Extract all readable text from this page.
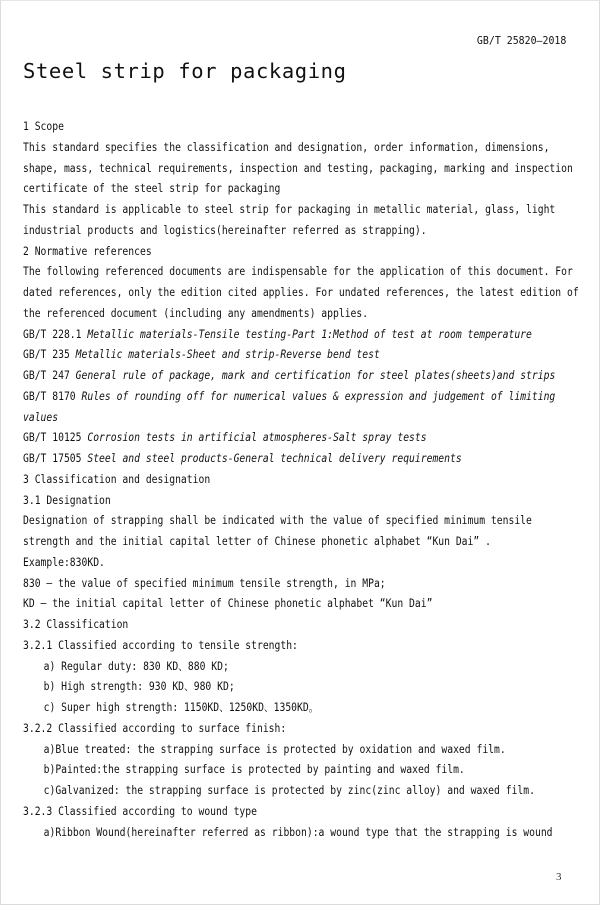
GB/T 25820—2018
Steel strip for packaging
1 Scope
This standard specifies the classification and designation, order information, dimensions,
shape, mass, technical requirements, inspection and testing, packaging, marking and inspection
certificate of the steel strip for packaging
This standard is applicable to steel strip for packaging in metallic material, glass, light
industrial products and logistics(hereinafter referred as strapping).
2 Normative references
The following referenced documents are indispensable for the application of this document. For
dated references, only the edition cited applies. For undated references, the latest edition of
the referenced document (including any amendments) applies.
GB/T 228.1 Metallic materials-Tensile testing-Part 1:Method of test at room temperature
GB/T 235 Metallic materials-Sheet and strip-Reverse bend test
GB/T 247 General rule of package, mark and certification for steel plates(sheets)and strips
GB/T 8170 Rules of rounding off for numerical values & expression and judgement of limiting
values
GB/T 10125 Corrosion tests in artificial atmospheres-Salt spray tests
GB/T 17505 Steel and steel products-General technical delivery requirements
3 Classification and designation
3.1 Designation
Designation of strapping shall be indicated with the value of specified minimum tensile
strength and the initial capital letter of Chinese phonetic alphabet “Kun Dai” .
Example:830KD.
830 — the value of specified minimum tensile strength, in MPa;
KD — the initial capital letter of Chinese phonetic alphabet “Kun Dai”
3.2 Classification
3.2.1 Classified according to tensile strength:
a) Regular duty: 830 KD、880 KD;
b) High strength: 930 KD、980 KD;
c) Super high strength: 1150KD、1250KD、1350KD。
3.2.2 Classified according to surface finish:
a)Blue treated: the strapping surface is protected by oxidation and waxed film.
b)Painted:the strapping surface is protected by painting and waxed film.
c)Galvanized: the strapping surface is protected by zinc(zinc alloy) and waxed film.
3.2.3 Classified according to wound type
a)Ribbon Wound(hereinafter referred as ribbon):a wound type that the strapping is wound
3
